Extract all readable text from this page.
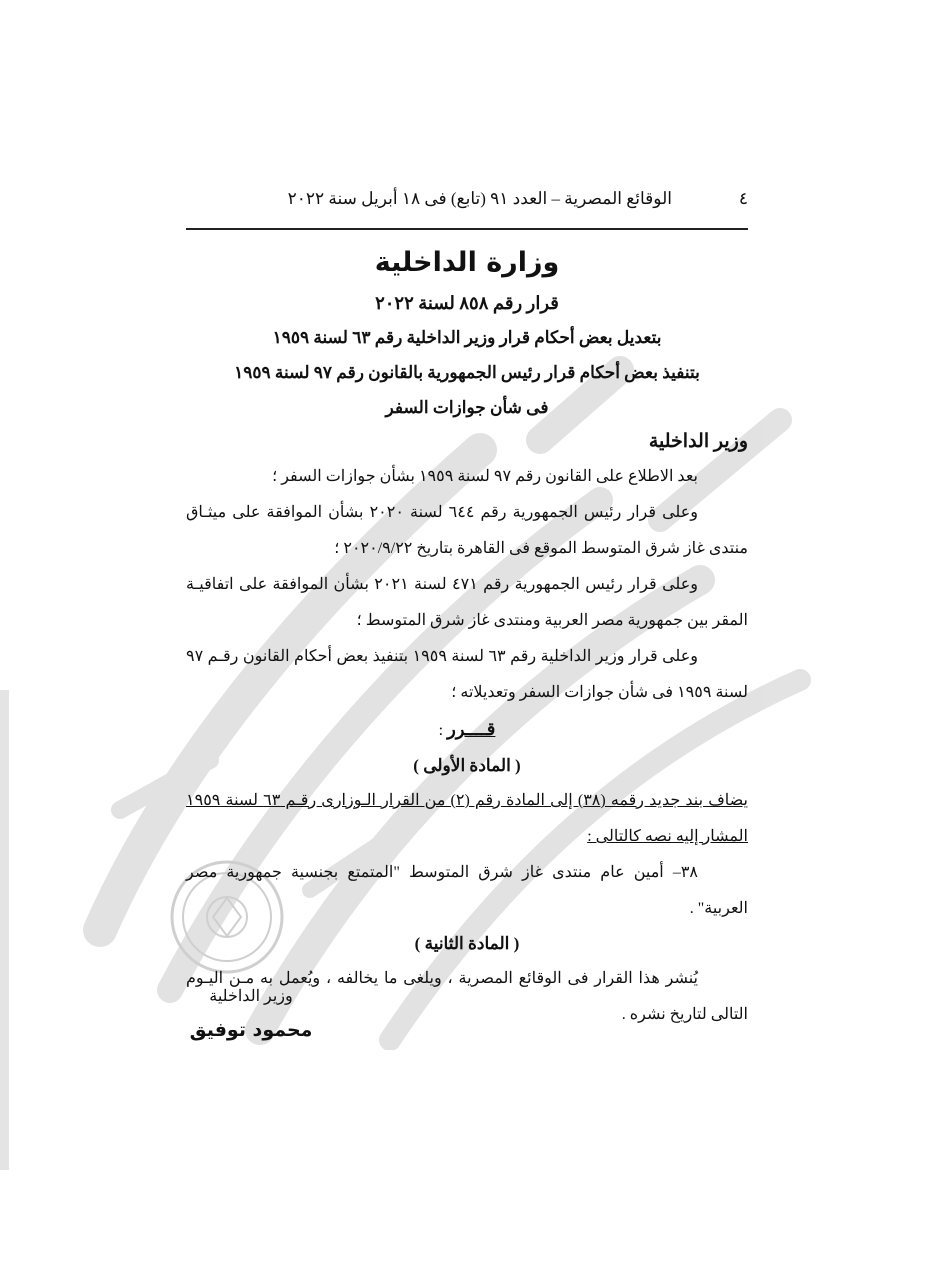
٤
الوقائع المصرية – العدد ٩١ (تابع) فى ١٨ أبريل سنة ٢٠٢٢
وزارة الداخلية
قرار رقم ٨٥٨ لسنة ٢٠٢٢
بتعديل بعض أحكام قرار وزير الداخلية رقم ٦٣ لسنة ١٩٥٩
بتنفيذ بعض أحكام قرار رئيس الجمهورية بالقانون رقم ٩٧ لسنة ١٩٥٩
فى شأن جوازات السفر
وزير الداخلية
بعد الاطلاع على القانون رقم ٩٧ لسنة ١٩٥٩ بشأن جوازات السفر ؛
وعلى قرار رئيس الجمهورية رقم ٦٤٤ لسنة ٢٠٢٠ بشأن الموافقة على ميثـاق منتدى غاز شرق المتوسط الموقع فى القاهرة بتاريخ ٢٠٢٠/٩/٢٢ ؛
وعلى قرار رئيس الجمهورية رقم ٤٧١ لسنة ٢٠٢١ بشأن الموافقة على اتفاقيـة المقر بين جمهورية مصر العربية ومنتدى غاز شرق المتوسط ؛
وعلى قرار وزير الداخلية رقم ٦٣ لسنة ١٩٥٩ بتنفيذ بعض أحكام القانون رقـم ٩٧ لسنة ١٩٥٩ فى شأن جوازات السفر وتعديلاته ؛
قــــرر :
( المادة الأولى )
يضاف بند جديد رقمه (٣٨) إلى المادة رقم (٢) من القرار الـوزارى رقـم ٦٣ لسنة ١٩٥٩ المشار إليه نصه كالتالى :
٣٨– أمين عام منتدى غاز شرق المتوسط "المتمتع بجنسية جمهورية مصر العربية" .
( المادة الثانية )
يُنشر هذا القرار فى الوقائع المصرية ، ويلغى ما يخالفه ، ويُعمل به مـن اليـوم التالى لتاريخ نشره .
وزير الداخلية
محمود توفيق
